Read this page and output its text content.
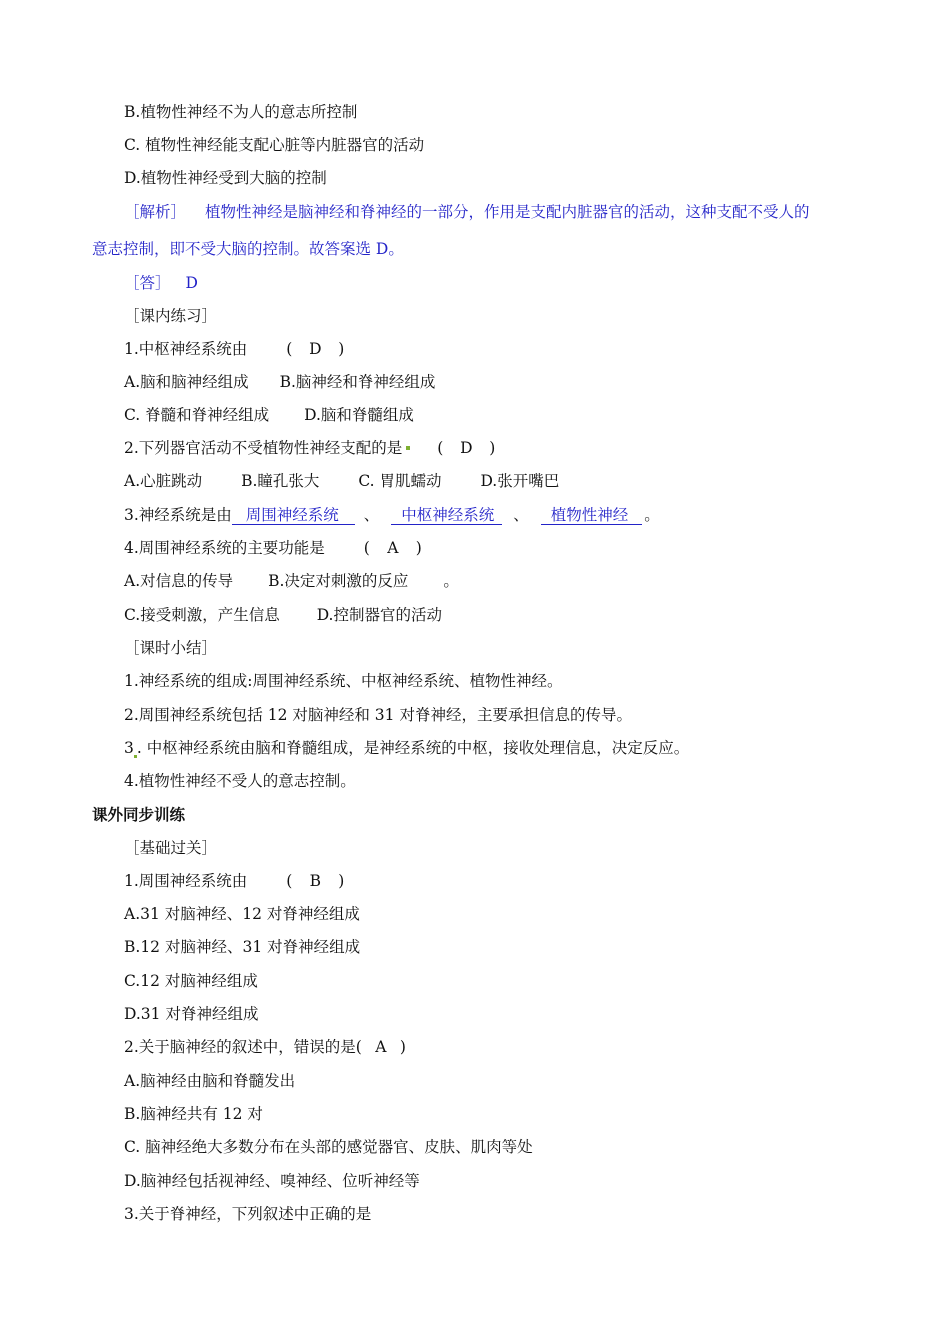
B.植物性神经不为人的意志所控制
C. 植物性神经能支配心脏等内脏器官的活动
D.植物性神经受到大脑的控制
［解析］ 植物性神经是脑神经和脊神经的一部分，作用是支配内脏器官的活动，这种支配不受人的
意志控制，即不受大脑的控制。故答案选 D。
［答］ D
［课内练习］
1.中枢神经系统由	( D )
A.脑和脑神经组成 B.脑神经和脊神经组成
C. 脊髓和脊神经组成 D.脑和脊髓组成
2.下列器官活动不受植物性神经支配的是 ( D )
A.心脏跳动	B.瞳孔张大	C. 胃肌蠕动	D.张开嘴巴
3.神经系统是由 周围神经系统 、 中枢神经系统 、 植物性神经 。
4.周围神经系统的主要功能是	( A )
A.对信息的传导 B.决定对刺激的反应 。
C.接受刺激，产生信息 D.控制器官的活动
［课时小结］
1.神经系统的组成:周围神经系统、中枢神经系统、植物性神经。
2.周围神经系统包括 12 对脑神经和 31 对脊神经，主要承担信息的传导。
3 . 中枢神经系统由脑和脊髓组成，是神经系统的中枢，接收处理信息，决定反应。
4.植物性神经不受人的意志控制。
课外同步训练
［基础过关］
1.周围神经系统由	( B )
A.31 对脑神经、12 对脊神经组成
B.12 对脑神经、31 对脊神经组成
C.12 对脑神经组成
D.31 对脊神经组成
2.关于脑神经的叙述中，错误的是( A )
A.脑神经由脑和脊髓发出
B.脑神经共有 12 对
C. 脑神经绝大多数分布在头部的感觉器官、皮肤、肌肉等处
D.脑神经包括视神经、嗅神经、位听神经等
3.关于脊神经，下列叙述中正确的是
